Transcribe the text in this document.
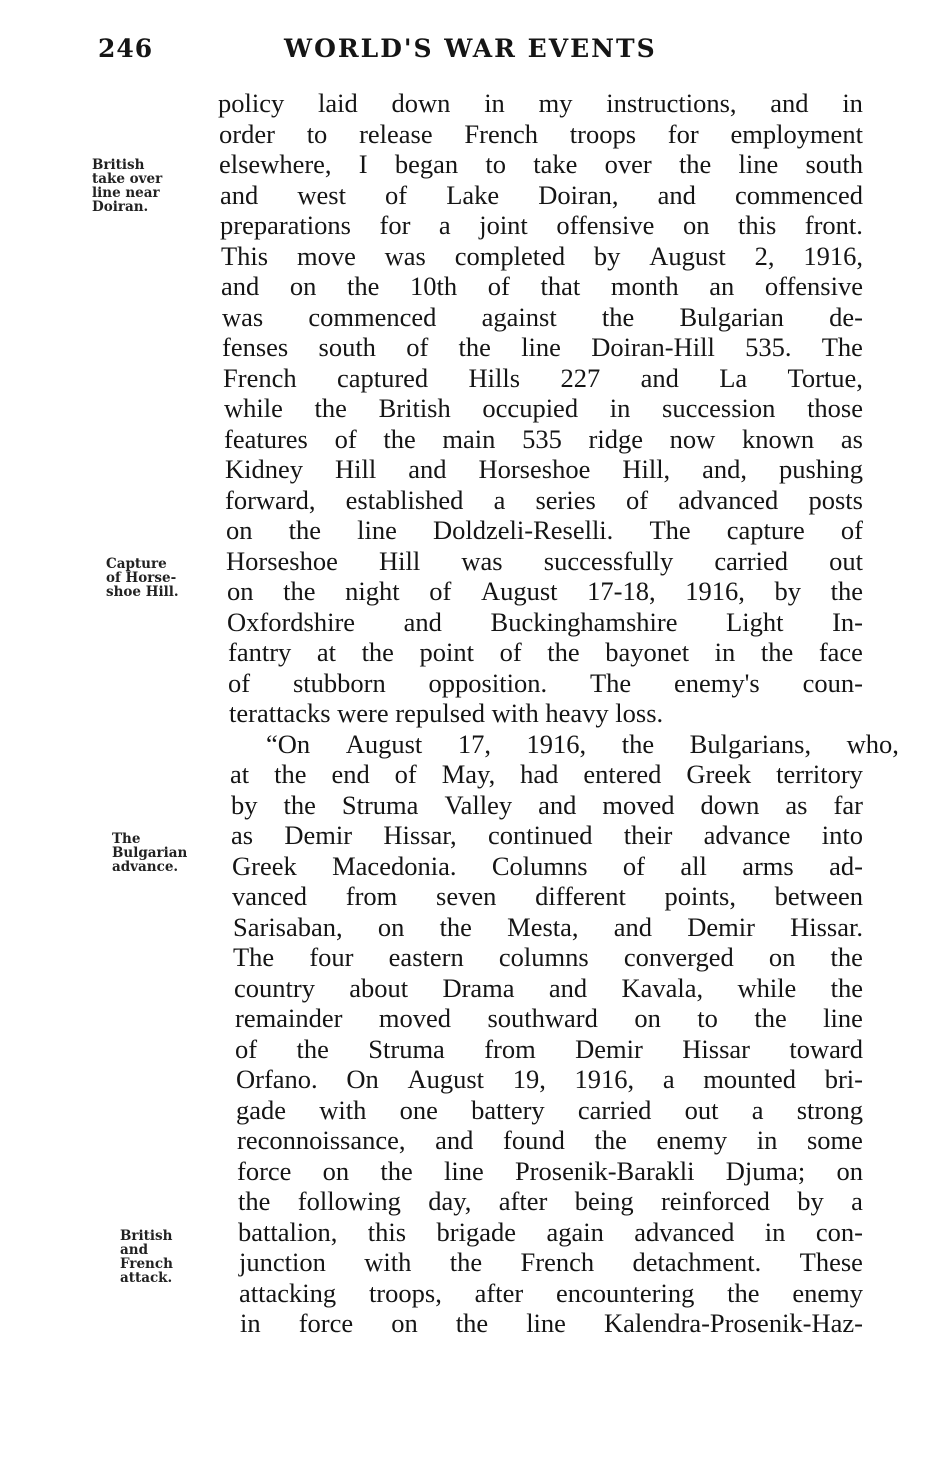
246	WORLD'S WAR EVENTS
British
take over
line near
Doiran.
Capture
of Horse-
shoe Hill.
The
Bulgarian
advance.
British
and
French
attack.
policy laid down in my instructions, and in
order to release French troops for employment
elsewhere, I began to take over the line south
and west of Lake Doiran, and commenced
preparations for a joint offensive on this front.
This move was completed by August 2, 1916,
and on the 10th of that month an offensive
was commenced against the Bulgarian de-
fenses south of the line Doiran-Hill 535. The
French captured Hills 227 and La Tortue,
while the British occupied in succession those
features of the main 535 ridge now known as
Kidney Hill and Horseshoe Hill, and, pushing
forward, established a series of advanced posts
on the line Doldzeli-Reselli. The capture of
Horseshoe Hill was successfully carried out
on the night of August 17-18, 1916, by the
Oxfordshire and Buckinghamshire Light In-
fantry at the point of the bayonet in the face
of stubborn opposition. The enemy's coun-
terattacks were repulsed with heavy loss.
“On August 17, 1916, the Bulgarians, who,
at the end of May, had entered Greek territory
by the Struma Valley and moved down as far
as Demir Hissar, continued their advance into
Greek Macedonia. Columns of all arms ad-
vanced from seven different points, between
Sarisaban, on the Mesta, and Demir Hissar.
The four eastern columns converged on the
country about Drama and Kavala, while the
remainder moved southward on to the line
of the Struma from Demir Hissar toward
Orfano. On August 19, 1916, a mounted bri-
gade with one battery carried out a strong
reconnoissance, and found the enemy in some
force on the line Prosenik-Barakli Djuma; on
the following day, after being reinforced by a
battalion, this brigade again advanced in con-
junction with the French detachment. These
attacking troops, after encountering the enemy
in force on the line Kalendra-Prosenik-Haz-
